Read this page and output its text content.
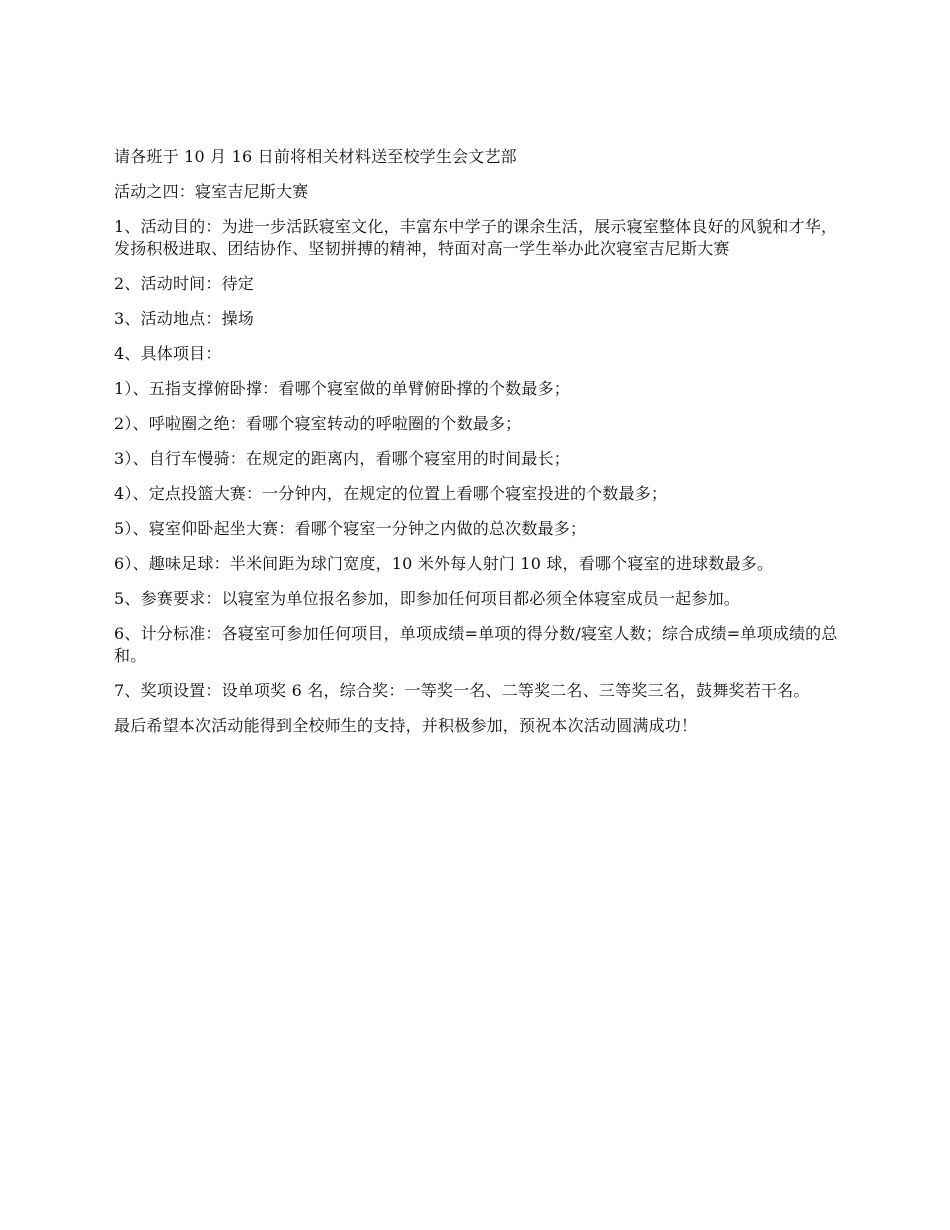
请各班于 10 月 16 日前将相关材料送至校学生会文艺部

活动之四：寝室吉尼斯大赛

1、活动目的：为进一步活跃寝室文化，丰富东中学子的课余生活，展示寝室整体良好的风貌和才华，发扬积极进取、团结协作、坚韧拼搏的精神，特面对高一学生举办此次寝室吉尼斯大赛

2、活动时间：待定

3、活动地点：操场

4、具体项目：

1）、五指支撑俯卧撑：看哪个寝室做的单臂俯卧撑的个数最多；

2）、呼啦圈之绝：看哪个寝室转动的呼啦圈的个数最多；

3）、自行车慢骑：在规定的距离内，看哪个寝室用的时间最长；

4）、定点投篮大赛：一分钟内，在规定的位置上看哪个寝室投进的个数最多；

5）、寝室仰卧起坐大赛：看哪个寝室一分钟之内做的总次数最多；

6）、趣味足球：半米间距为球门宽度，10 米外每人射门 10 球，看哪个寝室的进球数最多。

5、参赛要求：以寝室为单位报名参加，即参加任何项目都必须全体寝室成员一起参加。

6、计分标准：各寝室可参加任何项目，单项成绩=单项的得分数/寝室人数；综合成绩=单项成绩的总和。

7、奖项设置：设单项奖 6 名，综合奖：一等奖一名、二等奖二名、三等奖三名，鼓舞奖若干名。

最后希望本次活动能得到全校师生的支持，并积极参加，预祝本次活动圆满成功！
